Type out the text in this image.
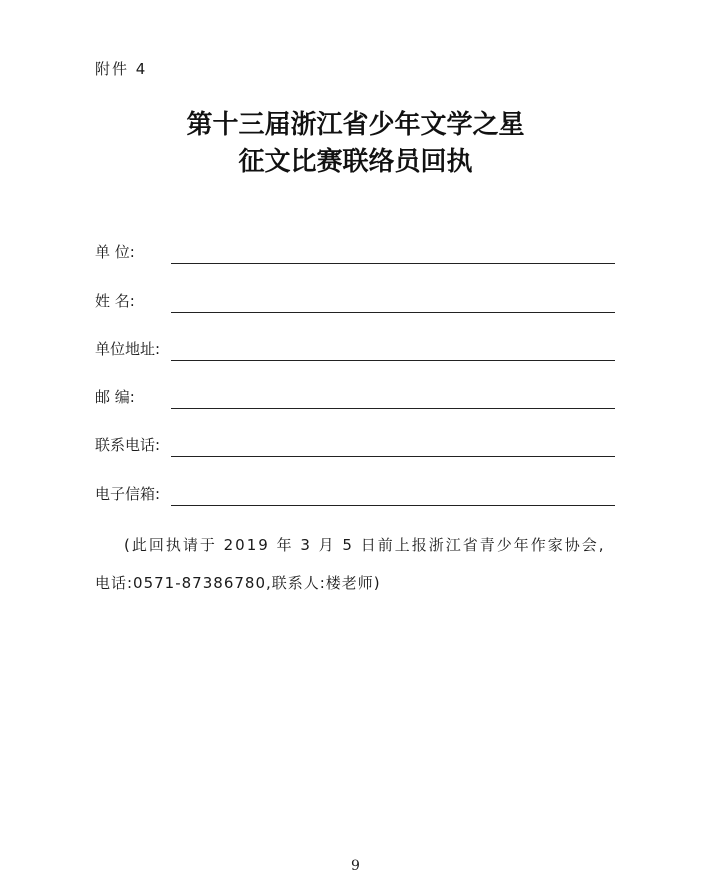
附件 4
第十三届浙江省少年文学之星
征文比赛联络员回执
单 位:
姓 名:
单位地址:
邮 编:
联系电话:
电子信箱:
(此回执请于 2019 年 3 月 5 日前上报浙江省青少年作家协会,
电话:0571-87386780,联系人:楼老师)
9
